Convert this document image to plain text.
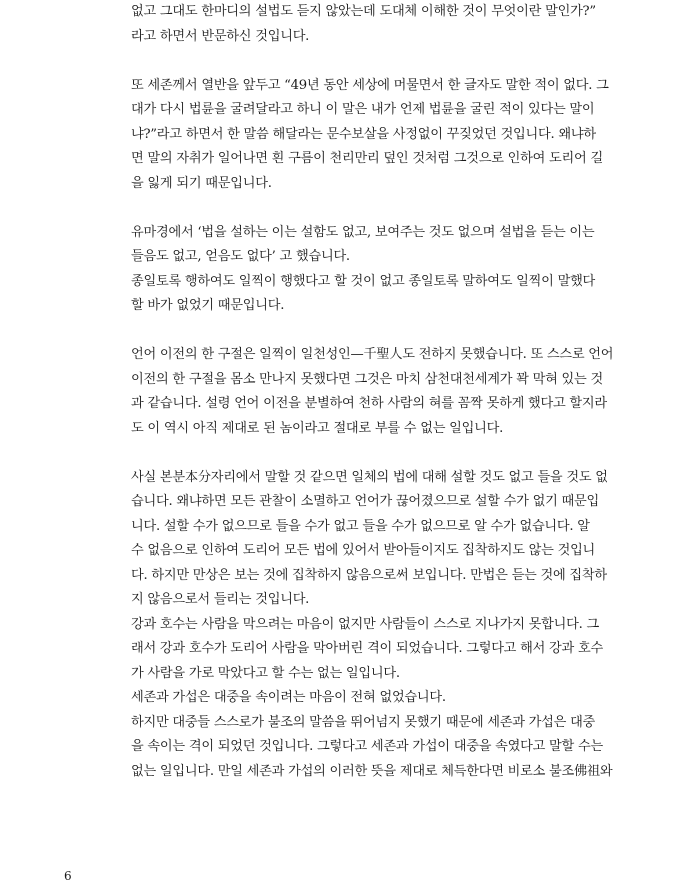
없고 그대도 한마디의 설법도 듣지 않았는데 도대체 이해한 것이 무엇이란 말인가?”
라고 하면서 반문하신 것입니다.
또 세존께서 열반을 앞두고 “49년 동안 세상에 머물면서 한 글자도 말한 적이 없다. 그
대가 다시 법륜을 굴려달라고 하니 이 말은 내가 언제 법륜을 굴린 적이 있다는 말이
냐?”라고 하면서 한 말씀 해달라는 문수보살을 사정없이 꾸짖었던 것입니다. 왜냐하
면 말의 자취가 일어나면 흰 구름이 천리만리 덮인 것처럼 그것으로 인하여 도리어 길
을 잃게 되기 때문입니다.
유마경에서 ‘법을 설하는 이는 설함도 없고, 보여주는 것도 없으며 설법을 듣는 이는
들음도 없고, 얻음도 없다’ 고 했습니다.
종일토록 행하여도 일찍이 행했다고 할 것이 없고 종일토록 말하여도 일찍이 말했다
할 바가 없었기 때문입니다.
언어 이전의 한 구절은 일찍이 일천성인—千聖人도 전하지 못했습니다. 또 스스로 언어
이전의 한 구절을 몸소 만나지 못했다면 그것은 마치 삼천대천세계가 꽉 막혀 있는 것
과 같습니다. 설령 언어 이전을 분별하여 천하 사람의 혀를 꼼짝 못하게 했다고 할지라
도 이 역시 아직 제대로 된 놈이라고 절대로 부를 수 없는 일입니다.
사실 본분本分자리에서 말할 것 같으면 일체의 법에 대해 설할 것도 없고 들을 것도 없
습니다. 왜냐하면 모든 관찰이 소멸하고 언어가 끊어졌으므로 설할 수가 없기 때문입
니다. 설할 수가 없으므로 들을 수가 없고 들을 수가 없으므로 알 수가 없습니다. 알
수 없음으로 인하여 도리어 모든 법에 있어서 받아들이지도 집착하지도 않는 것입니
다. 하지만 만상은 보는 것에 집착하지 않음으로써 보입니다. 만법은 듣는 것에 집착하
지 않음으로서 들리는 것입니다.
강과 호수는 사람을 막으려는 마음이 없지만 사람들이 스스로 지나가지 못합니다. 그
래서 강과 호수가 도리어 사람을 막아버린 격이 되었습니다. 그렇다고 해서 강과 호수
가 사람을 가로 막았다고 할 수는 없는 일입니다.
세존과 가섭은 대중을 속이려는 마음이 전혀 없었습니다.
하지만 대중들 스스로가 불조의 말씀을 뛰어넘지 못했기 때문에 세존과 가섭은 대중
을 속이는 격이 되었던 것입니다. 그렇다고 세존과 가섭이 대중을 속였다고 말할 수는
없는 일입니다. 만일 세존과 가섭의 이러한 뜻을 제대로 체득한다면 비로소 불조佛祖와
6
